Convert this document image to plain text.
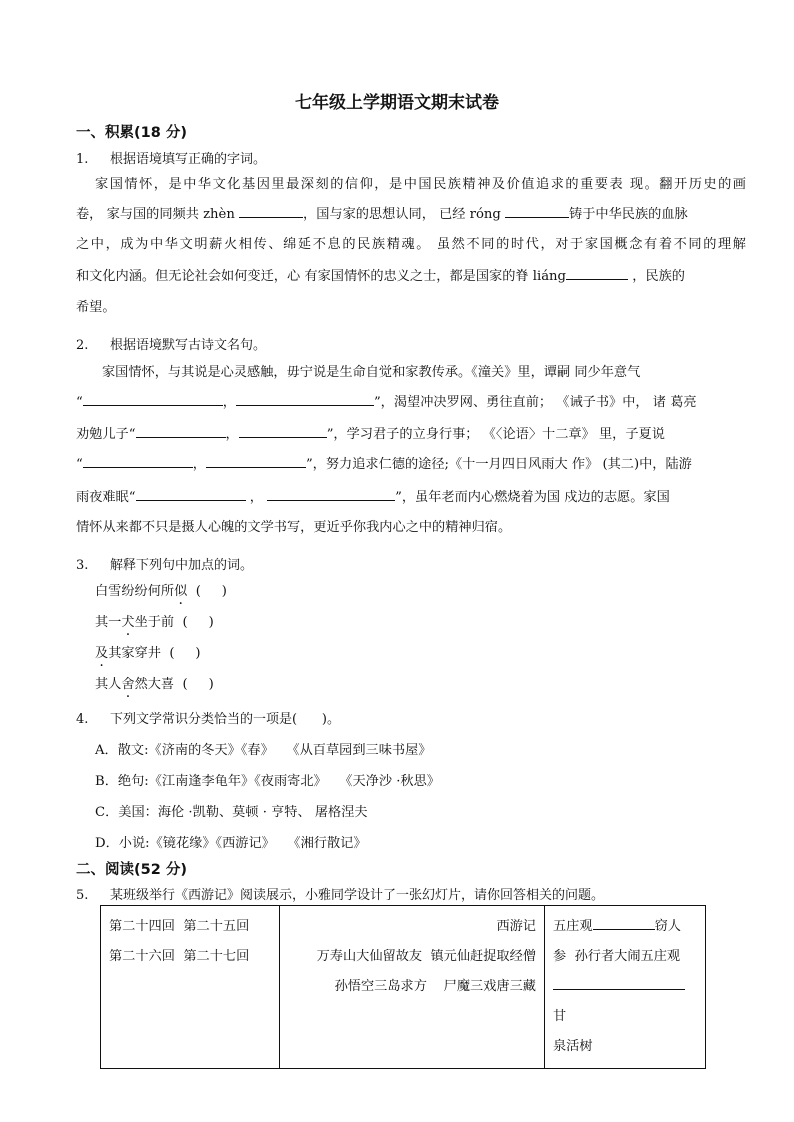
七年级上学期语文期末试卷
一、积累(18 分)
1. 根据语境填写正确的字词。
家国情怀，是中华文化基因里最深刻的信仰，是中国民族精神及价值追求的重要表 现。翻开历史的画
卷， 家与国的同频共 zhèn	，国与家的思想认同， 已经 róng	铸于中华民族的血脉
之中，成为中华文明薪火相传、绵延不息的民族精魂。 虽然不同的时代，对于家国概念有着不同的理解
和文化内涵。但无论社会如何变迁，心 有家国情怀的忠义之士，都是国家的脊 liáng	，民族的
希望。
2. 根据语境默写古诗文名句。
家国情怀，与其说是心灵感触，毋宁说是生命自觉和家教传承。《潼关》里，谭嗣 同少年意气
“	，	”，渴望冲决罗网、勇往直前； 《诫子书》中， 诸 葛亮
劝勉儿子“	，	”，学习君子的立身行事； 《〈论语〉十二章》 里，子夏说
“	，	”，努力追求仁德的途径;《十一月四日风雨大 作》 (其二)中，陆游
雨夜难眠“	，	”，虽年老而内心燃烧着为国 戍边的志愿。家国
情怀从来都不只是摄人心魄的文学书写，更近乎你我内心之中的精神归宿。
3. 解释下列句中加点的词。
白雪纷纷何所似  (     )
其一犬坐于前  (     )
及其家穿井  (     )
其人舍然大喜  (     )
4. 下列文学常识分类恰当的一项是(      )。
A．散文:《济南的冬天》《春》   《从百草园到三味书屋》
B．绝句:《江南逢李龟年》《夜雨寄北》   《天净沙 ·秋思》
C．美国：海伦 ·凯勒、莫顿 · 亨特、 屠格涅夫
D．小说:《镜花缘》《西游记》   《湘行散记》
二、阅读(52 分)
5. 某班级举行《西游记》阅读展示，小雅同学设计了一张幻灯片，请你回答相关的问题。
第二十四回  第二十五回
第二十六回  第二十七回

西游记
万寿山大仙留故友  镇元仙赶捉取经僧
孙悟空三岛求方    尸魔三戏唐三藏

五庄观	窃人
参  孙行者大闹五庄观
甘
泉活树
